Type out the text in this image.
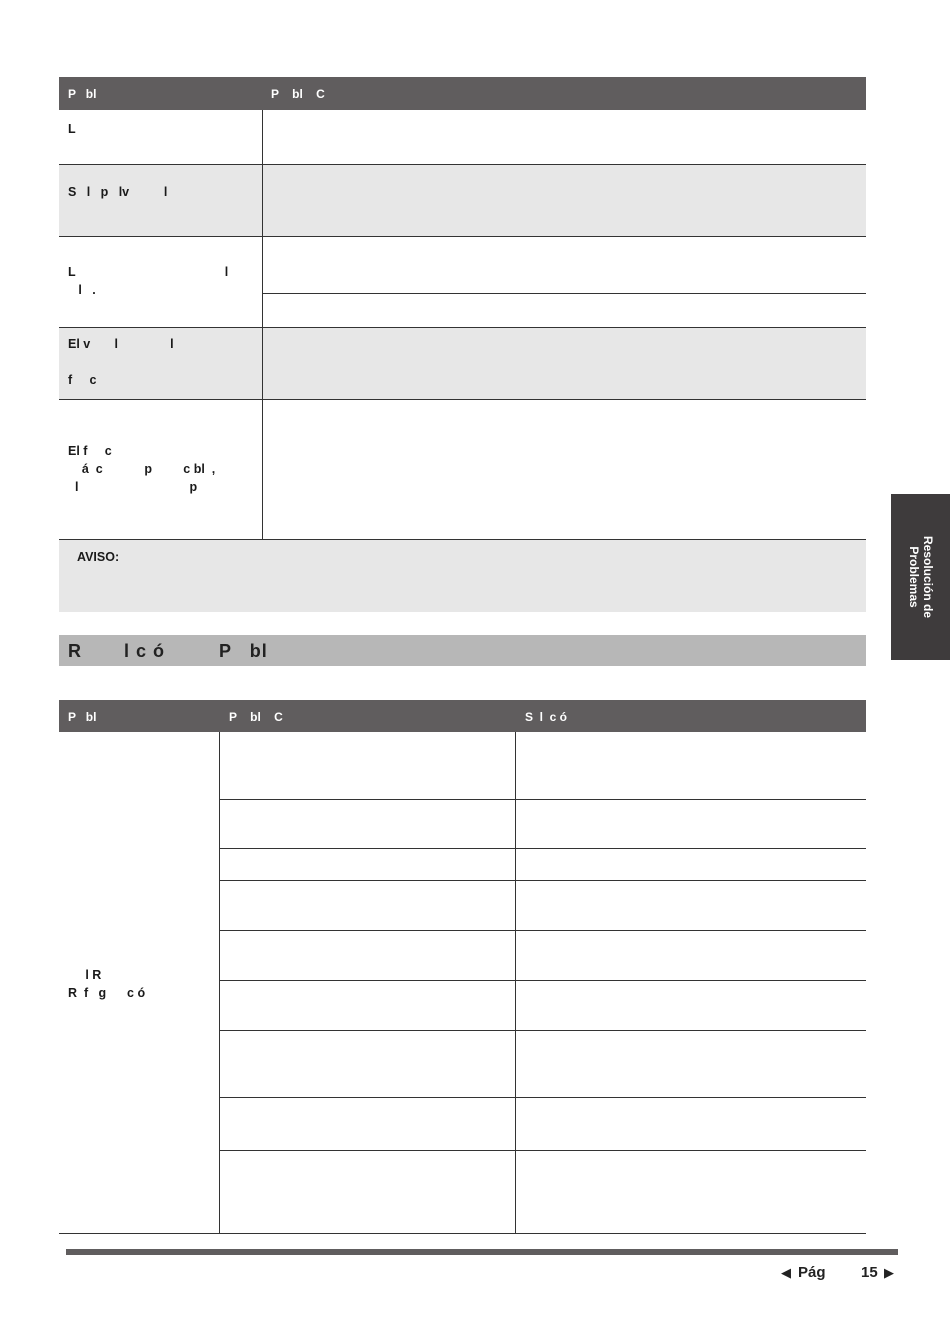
P   bl	P    bl    C
L
S   l   p   lv          l
L                                           l
l   .
El v       l               l

f     c
El f     c
á  c            p         c bl  ,
l                                p
AVISO:
R       l c ó         P   bl
P   bl	P    bl    C	S  l  c ó
l R
R  f   g      c ó
Resolución de
Problemas
◀ Pág 15 ▶
